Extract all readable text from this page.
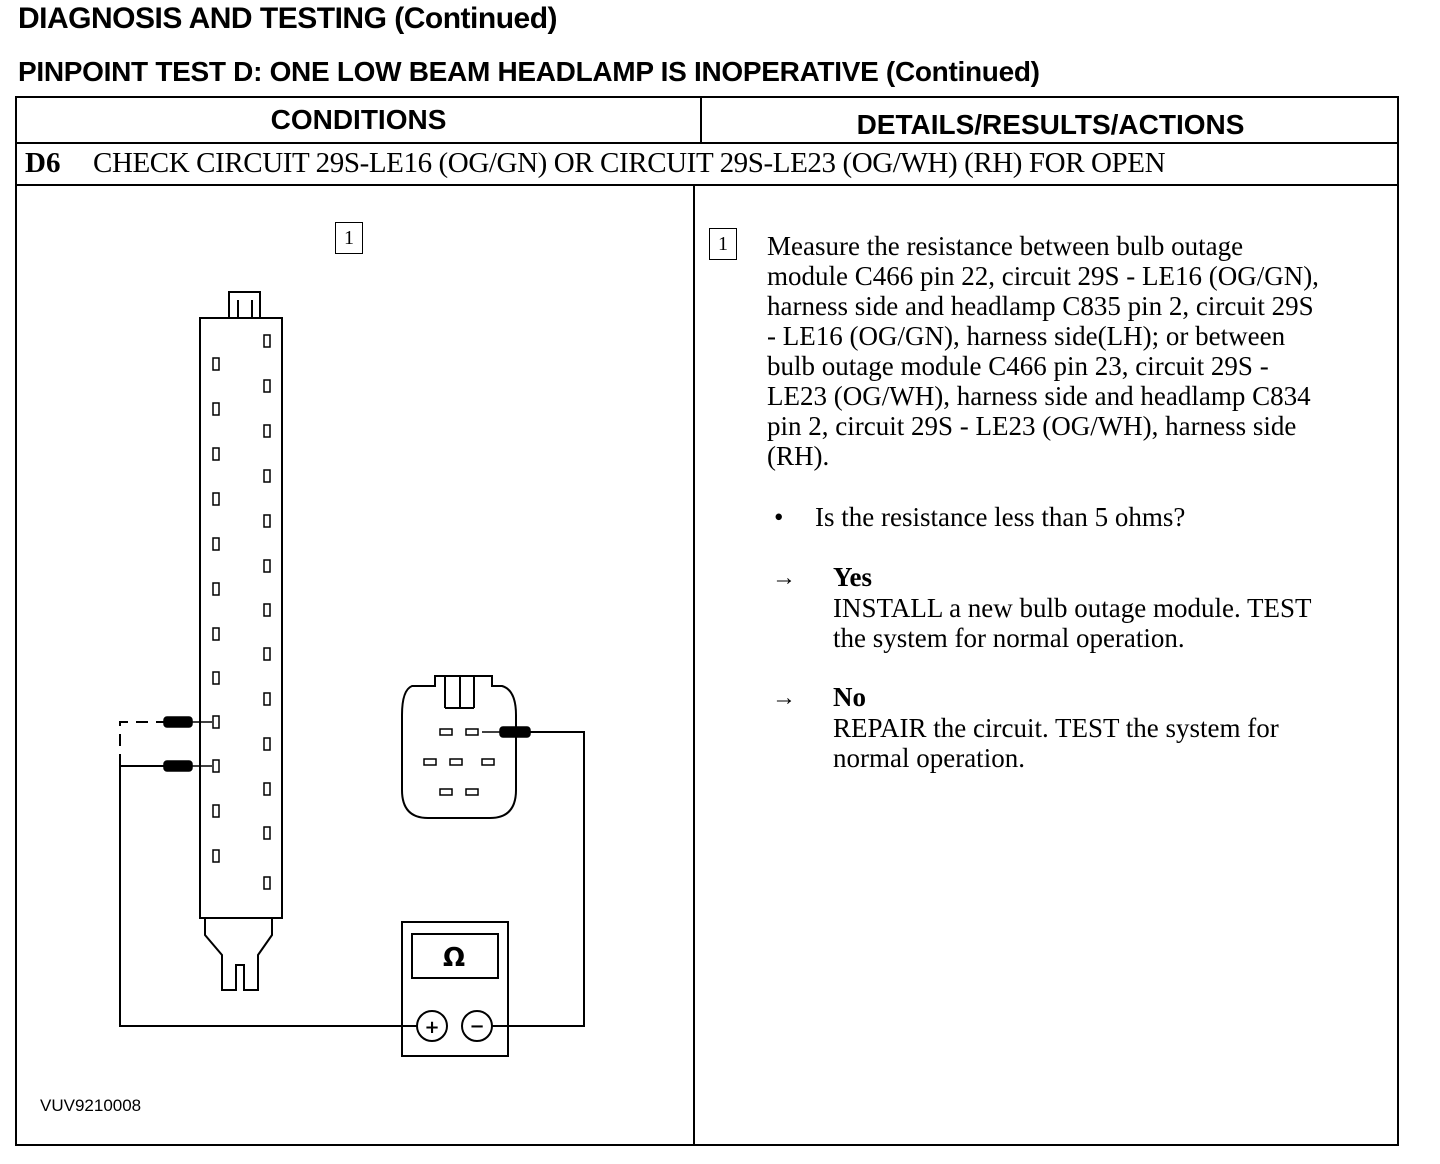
DIAGNOSIS AND TESTING (Continued)
PINPOINT TEST D: ONE LOW BEAM HEADLAMP IS INOPERATIVE (Continued)
CONDITIONS	DETAILS/RESULTS/ACTIONS
D6 CHECK CIRCUIT 29S-LE16 (OG/GN) OR CIRCUIT 29S-LE23 (OG/WH) (RH) FOR OPEN
Ω
+ −
1
VUV9210008
1	Measure the resistance between bulb outage
module C466 pin 22, circuit 29S - LE16 (OG/GN),
harness side and headlamp C835 pin 2, circuit 29S
- LE16 (OG/GN), harness side(LH); or between
bulb outage module C466 pin 23, circuit 29S -
LE23 (OG/WH), harness side and headlamp C834
pin 2, circuit 29S - LE23 (OG/WH), harness side
(RH).
• Is the resistance less than 5 ohms?
→ Yes
INSTALL a new bulb outage module. TEST
the system for normal operation.
→ No
REPAIR the circuit. TEST the system for
normal operation.
